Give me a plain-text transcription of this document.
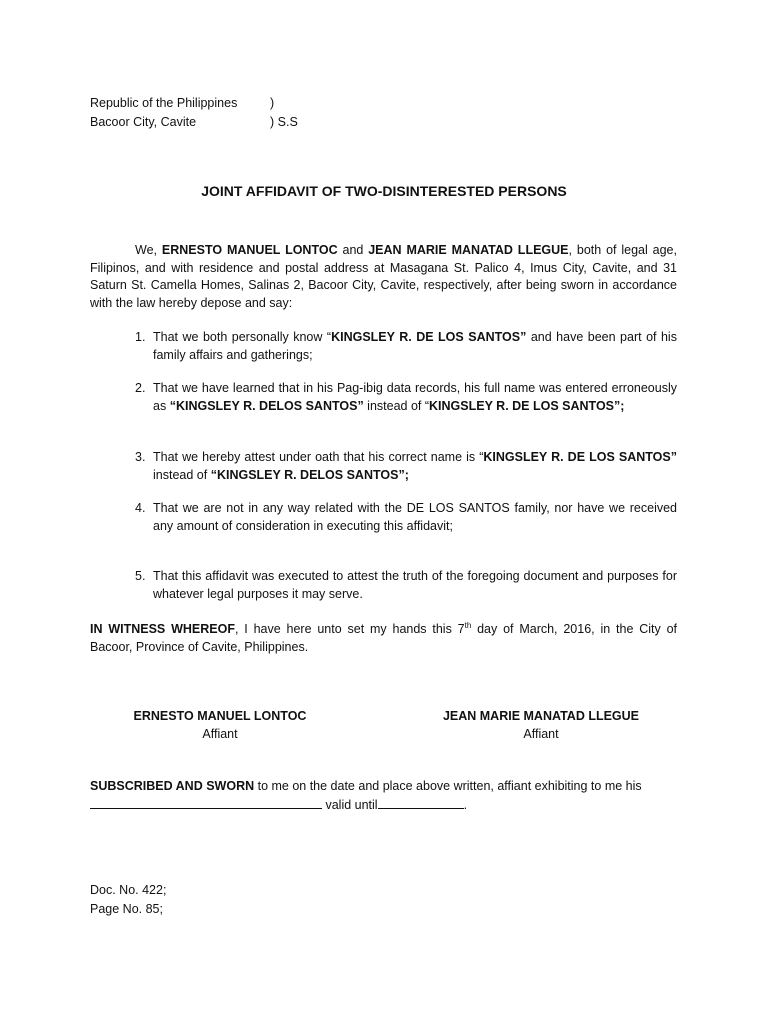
Republic of the Philippines	)
Bacoor City, Cavite	) S.S
JOINT AFFIDAVIT OF TWO-DISINTERESTED PERSONS
We, ERNESTO MANUEL LONTOC and JEAN MARIE MANATAD LLEGUE, both of legal age, Filipinos, and with residence and postal address at Masagana St. Palico 4, Imus City, Cavite, and 31 Saturn St. Camella Homes, Salinas 2, Bacoor City, Cavite, respectively, after being sworn in accordance with the law hereby depose and say:
1. That we both personally know “KINGSLEY R. DE LOS SANTOS” and have been part of his family affairs and gatherings;
2. That we have learned that in his Pag-ibig data records, his full name was entered erroneously as “KINGSLEY R. DELOS SANTOS” instead of “KINGSLEY R. DE LOS SANTOS”;
3. That we hereby attest under oath that his correct name is “KINGSLEY R. DE LOS SANTOS” instead of “KINGSLEY R. DELOS SANTOS”;
4. That we are not in any way related with the DE LOS SANTOS family, nor have we received any amount of consideration in executing this affidavit;
5. That this affidavit was executed to attest the truth of the foregoing document and purposes for whatever legal purposes it may serve.
IN WITNESS WHEREOF, I have here unto set my hands this 7th day of March, 2016, in the City of Bacoor, Province of Cavite, Philippines.
ERNESTO MANUEL LONTOC
Affiant
JEAN MARIE MANATAD LLEGUE
Affiant
SUBSCRIBED AND SWORN to me on the date and place above written, affiant exhibiting to me his
valid until	.
Doc. No. 422;
Page No. 85;
